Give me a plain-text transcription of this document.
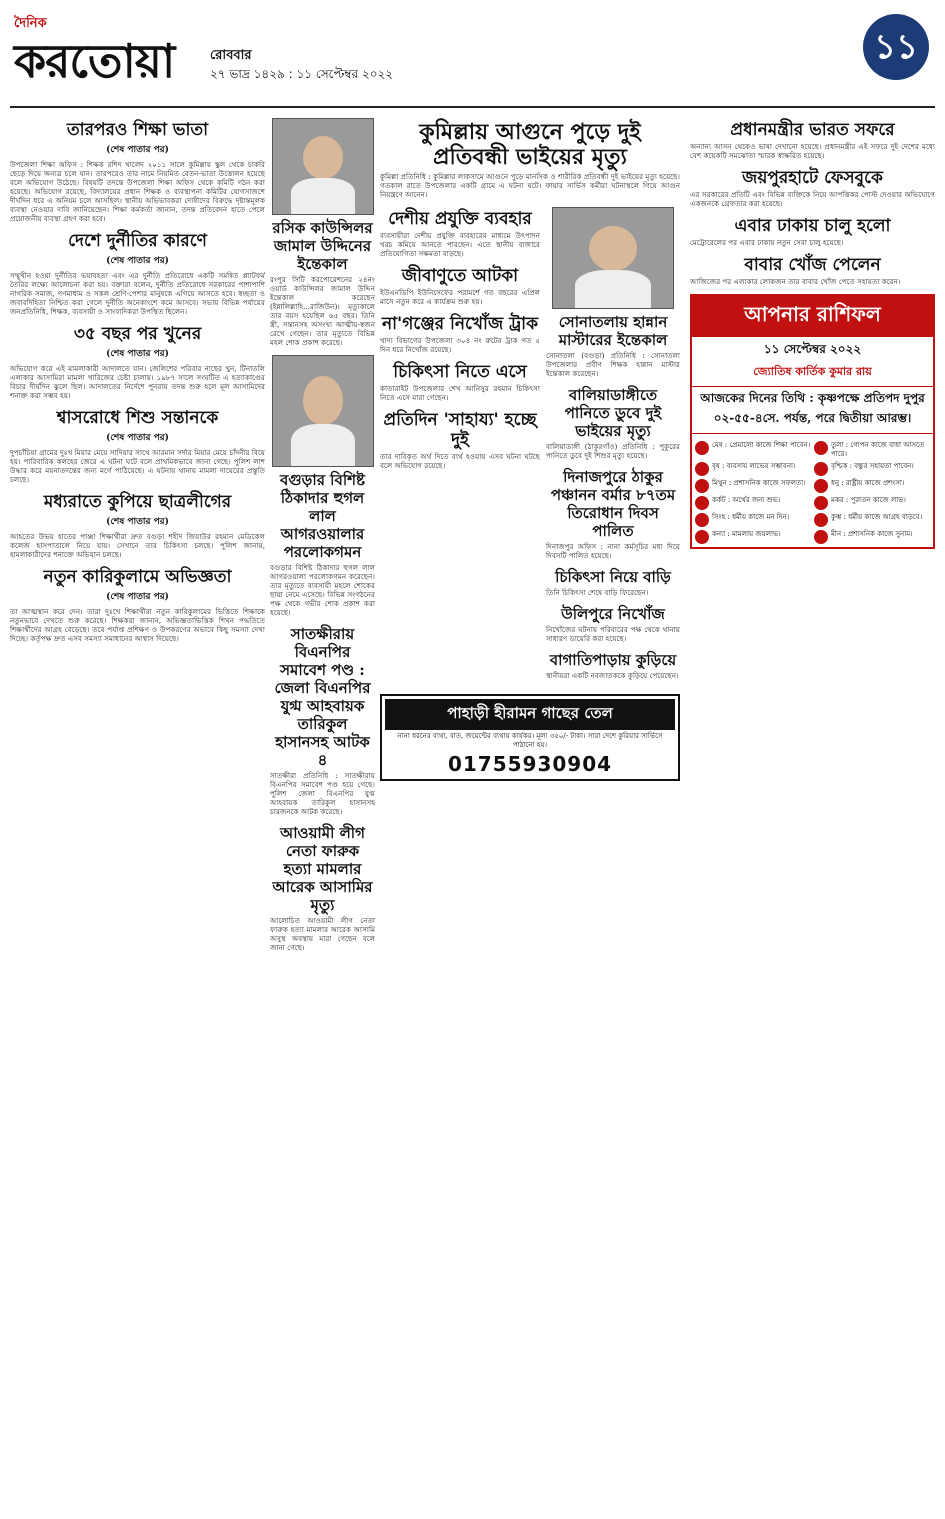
দৈনিক
করতোয়া	রোববার
২৭ ভাদ্র ১৪২৯ : ১১ সেপ্টেম্বর ২০২২
১১
তারপরও শিক্ষা ভাতা
(শেষ পাতার পর)
উপজেলা শিক্ষা অফিস : শিক্ষক রশিদ খালেদ ২০১১ সালে কুমিল্লায় স্কুল থেকে চাকরি ছেড়ে দিয়ে অন্যত্র চলে যান। তারপরেও তার নামে নিয়মিত বেতন-ভাতা উত্তোলন হয়েছে বলে অভিযোগ উঠেছে। বিষয়টি তদন্তে উপজেলা শিক্ষা অফিস থেকে কমিটি গঠন করা হয়েছে। অভিযোগ রয়েছে, বিদ্যালয়ের প্রধান শিক্ষক ও ব্যবস্থাপনা কমিটির যোগসাজশে দীর্ঘদিন ধরে এ অনিয়ম চলে আসছিল। স্থানীয় অভিভাবকরা দোষীদের বিরুদ্ধে দৃষ্টান্তমূলক ব্যবস্থা নেওয়ার দাবি জানিয়েছেন। শিক্ষা কর্মকর্তা জানান, তদন্ত প্রতিবেদন হাতে পেলে প্রয়োজনীয় ব্যবস্থা গ্রহণ করা হবে।
দেশে দুর্নীতির কারণে
(শেষ পাতার পর)
সম্মুখীন হওয়া দুর্নীতির ভয়াবহতা এবং এর দুর্নীতি প্রতিরোধে একটি সমন্বিত প্ল্যাটফর্ম তৈরির লক্ষ্যে আলোচনা করা হয়। বক্তারা বলেন, দুর্নীতি প্রতিরোধে সরকারের পাশাপাশি নাগরিক সমাজ, গণমাধ্যম ও সকল শ্রেণি-পেশার মানুষকে এগিয়ে আসতে হবে। স্বচ্ছতা ও জবাবদিহিতা নিশ্চিত করা গেলে দুর্নীতি অনেকাংশে কমে আসবে। সভায় বিভিন্ন পর্যায়ের জনপ্রতিনিধি, শিক্ষক, ব্যবসায়ী ও সাংবাদিকরা উপস্থিত ছিলেন।
৩৫ বছর পর খুনের
(শেষ পাতার পর)
অভিযোগ করে এই মামলাকারী আদালতে যান। জেলিশের পরিবার নাছের খুন, টিনাতলি এলাকার আসামিরা মামলা খারিজের চেষ্টা চালায়। ১৯৮৭ সালে সংঘটিত এ হত্যাকাণ্ডের বিচার দীর্ঘদিন ঝুলে ছিল। আদালতের নির্দেশে পুনরায় তদন্ত শুরু হলে মূল আসামিদের শনাক্ত করা সম্ভব হয়।
শ্বাসরোধে শিশু সন্তানকে
(শেষ পাতার পর)
দুপচাঁচিয়া গ্রামের দুঃখ মিয়ার মেয়ে সাদিয়ার সাথে আরমান সর্দার মিয়ার মেয়ে চাঁদনীর বিয়ে হয়। পারিবারিক কলহের জেরে এ ঘটনা ঘটে বলে প্রাথমিকভাবে জানা গেছে। পুলিশ লাশ উদ্ধার করে ময়নাতদন্তের জন্য মর্গে পাঠিয়েছে। এ ঘটনায় থানায় মামলা দায়েরের প্রস্তুতি চলছে।
মধ্যরাতে কুপিয়ে ছাত্রলীগের
(শেষ পাতার পর)
আহতের উভয় হাতের পাঞ্জা শিক্ষার্থীরা দ্রুত বগুড়া শহীদ জিয়াউর রহমান মেডিকেল কলেজ হাসপাতালে নিয়ে যায়। সেখানে তার চিকিৎসা চলছে। পুলিশ জানায়, হামলাকারীদের শনাক্তে অভিযান চলছে।
নতুন কারিকুলামে অভিজ্ঞতা
(শেষ পাতার পর)
তা আত্মস্থান করে দেন। তারা দুঃখে শিক্ষার্থীরা নতুন কারিকুলামের ভিত্তিতে শিক্ষাকে নতুনভাবে দেখতে শুরু করেছে। শিক্ষকরা জানান, অভিজ্ঞতাভিত্তিক শিখন পদ্ধতিতে শিক্ষার্থীদের আগ্রহ বেড়েছে। তবে পর্যাপ্ত প্রশিক্ষণ ও উপকরণের অভাবে কিছু সমস্যা দেখা দিচ্ছে। কর্তৃপক্ষ দ্রুত এসব সমস্যা সমাধানের আশ্বাস দিয়েছে।
রসিক কাউন্সিলর জামাল উদ্দিনের ইন্তেকাল
রংপুর সিটি করপোরেশনের ২৪নং ওয়ার্ড কাউন্সিলর জামাল উদ্দিন ইন্তেকাল করেছেন (ইন্নালিল্লাহি...রাজিউন)। মৃত্যুকালে তার বয়স হয়েছিল ৬৫ বছর। তিনি স্ত্রী, সন্তানসহ অসংখ্য আত্মীয়-স্বজন রেখে গেছেন। তার মৃত্যুতে বিভিন্ন মহল শোক প্রকাশ করেছে।
বগুড়ার বিশিষ্ট ঠিকাদার হুগল লাল আগরওয়ালার পরলোকগমন
বগুড়ার বিশিষ্ট ঠিকাদার হুগল লাল আগরওয়ালা পরলোকগমন করেছেন। তার মৃত্যুতে ব্যবসায়ী মহলে শোকের ছায়া নেমে এসেছে। বিভিন্ন সংগঠনের পক্ষ থেকে গভীর শোক প্রকাশ করা হয়েছে।
সাতক্ষীরায় বিএনপির সমাবেশ পণ্ড : জেলা বিএনপির যুগ্ম আহবায়ক তারিকুল হাসানসহ আটক ৪
সাতক্ষীরা প্রতিনিধি : সাতক্ষীরায় বিএনপির সমাবেশ পণ্ড হয়ে গেছে। পুলিশ জেলা বিএনপির যুগ্ম আহবায়ক তারিকুল হাসানসহ চারজনকে আটক করেছে।
আওয়ামী লীগ নেতা ফারুক হত্যা মামলার আরেক আসামির মৃত্যু
আলোচিত আওয়ামী লীগ নেতা ফারুক হত্যা মামলার আরেক আসামি অসুস্থ অবস্থায় মারা গেছেন বলে জানা গেছে।
কুমিল্লায় আগুনে পুড়ে দুই প্রতিবন্ধী ভাইয়ের মৃত্যু
কুমিল্লা প্রতিনিধি : কুমিল্লার লাকসামে আগুনে পুড়ে মানসিক ও শারীরিক প্রতিবন্ধী দুই ভাইয়ের মৃত্যু হয়েছে। গতকাল রাতে উপজেলার একটি গ্রামে এ ঘটনা ঘটে। ফায়ার সার্ভিস কর্মীরা ঘটনাস্থলে গিয়ে আগুন নিয়ন্ত্রণে আনেন।
দেশীয় প্রযুক্তি ব্যবহার
ব্যবসায়ীরা দেশীয় প্রযুক্তি ব্যবহারের মাধ্যমে উৎপাদন খরচ কমিয়ে আনতে পারছেন। এতে স্থানীয় বাজারে প্রতিযোগিতা সক্ষমতা বাড়ছে।
জীবাণুতে আটকা
ইউএনডিপি ইউনিসেফের পরামর্শে গত বছরের এপ্রিল মাসে নতুন করে এ কার্যক্রম শুরু হয়।
না'গঞ্জের নিখোঁজ ট্রাক
খাদ্য বিভাগের উপজেলা ৩০৪ নং রুটের ট্রাক গত ৫ দিন ধরে নিখোঁজ রয়েছে।
চিকিৎসা নিতে এসে
কাতারাইট উপজেলার শেখ আনিসুর রহমান চিকিৎসা নিতে এসে মারা গেছেন।
প্রতিদিন 'সাহায্য' হচ্ছে দুই
তার দাবিকৃত অর্থ দিতে ব্যর্থ হওয়ায় এসব ঘটনা ঘটছে বলে অভিযোগ রয়েছে।
সোনাতলায় হান্নান মাস্টারের ইন্তেকাল
সোনাতলা (বগুড়া) প্রতিনিধি : সোনাতলা উপজেলার প্রবীণ শিক্ষক হান্নান মাস্টার ইন্তেকাল করেছেন।
বালিয়াডাঙ্গীতে পানিতে ডুবে দুই ভাইয়ের মৃত্যু
বালিয়াডাঙ্গী (ঠাকুরগাঁও) প্রতিনিধি : পুকুরের পানিতে ডুবে দুই শিশুর মৃত্যু হয়েছে।
দিনাজপুরে ঠাকুর পঞ্চানন বর্মার ৮৭তম তিরোধান দিবস পালিত
দিনাজপুর অফিস : নানা কর্মসূচির মধ্য দিয়ে দিবসটি পালিত হয়েছে।
চিকিৎসা নিয়ে বাড়ি
তিনি চিকিৎসা শেষে বাড়ি ফিরেছেন।
উলিপুরে নিখোঁজ
নিখোঁজের ঘটনায় পরিবারের পক্ষ থেকে থানায় সাধারণ ডায়েরি করা হয়েছে।
বাগাতিপাড়ায় কুড়িয়ে
স্থানীয়রা একটি নবজাতককে কুড়িয়ে পেয়েছেন।
পাহাড়ী হীরামন গাছের তেল
নানা ধরনের ব্যথা, বাত, জয়েন্টের ব্যথায় কার্যকর। মূল্য ৩৫০/- টাকা। সারা দেশে কুরিয়ার সার্ভিসে পাঠানো হয়।
01755930904
প্রধানমন্ত্রীর ভারত সফরে
অন্যান্য আসন থেকেও ভাষা দেখানো হয়েছে। প্রধানমন্ত্রীর এই সফরে দুই দেশের মধ্যে বেশ কয়েকটি সমঝোতা স্মারক স্বাক্ষরিত হয়েছে।
জয়পুরহাটে ফেসবুকে
এর সরকারের প্রতিটি এবং বিভিন্ন ব্যক্তিকে নিয়ে আপত্তিকর পোস্ট দেওয়ার অভিযোগে একজনকে গ্রেফতার করা হয়েছে।
এবার ঢাকায় চালু হলো
মেট্রোরেলের পর এবার ঢাকায় নতুন সেবা চালু হয়েছে।
বাবার খোঁজ পেলেন
আজিজের পর এলাকার লোকজন তার বাবার খোঁজ পেতে সহায়তা করেন।
আপনার রাশিফল
১১ সেপ্টেম্বর ২০২২
জ্যোতিষ কার্তিক কুমার রায়
আজকের দিনের তিথি : কৃষ্ণপক্ষে প্রতিপদ দুপুর ০২-৫৫-৪সে. পর্যন্ত, পরে দ্বিতীয়া আরম্ভ।
মেষ : প্রেমালো কাজে শিক্ষা পাবেন।	তুলা : গোপন কাজে বাধা আসতে পারে।
বৃষ : ব্যবসায় লাভের সম্ভাবনা।	বৃশ্চিক : বন্ধুর সহায়তা পাবেন।
মিথুন : প্রশাসনিক কাজে সফলতা।	ধনু : রাষ্ট্রীয় কাজে প্রশংসা।
কর্কট : অর্থের জন্য শুভ।	মকর : পুরাতন কাজে লাভ।
সিংহ : ধর্মীয় কাজে মন দিন।	কুম্ভ : ধর্মীয় কাজে আগ্রহ বাড়বে।
কন্যা : মামলায় জয়লাভ।	মীন : প্রশাসনিক কাজে সুনাম।
